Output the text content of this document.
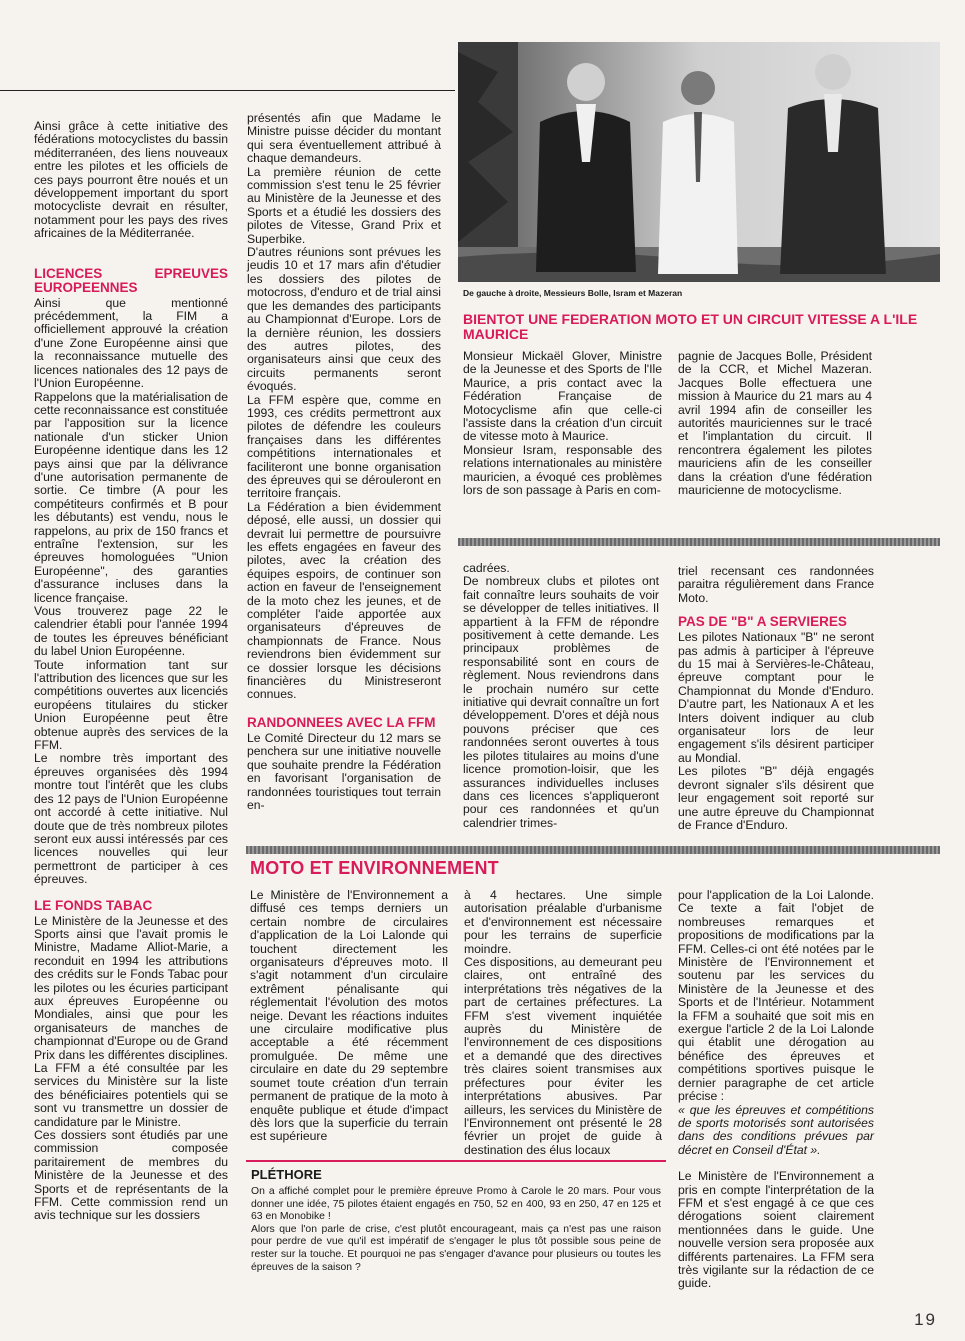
De gauche à droite, Messieurs Bolle, Isram et Mazeran

Ainsi grâce à cette initiative des fédérations motocyclistes du bassin méditerranéen, des liens nouveaux entre les pilotes et les officiels de ces pays pourront être noués et un développement important du sport motocycliste devrait en résulter, notamment pour les pays des rives africaines de la Méditerranée.

LICENCES EPREUVES EUROPEENNES

Ainsi que mentionné précédemment, la FIM a officiellement approuvé la création d'une Zone Européenne ainsi que la reconnaissance mutuelle des licences nationales des 12 pays de l'Union Européenne.

Rappelons que la matérialisation de cette reconnaissance est constituée par l'apposition sur la licence nationale d'un sticker Union Européenne identique dans les 12 pays ainsi que par la délivrance d'une autorisation permanente de sortie. Ce timbre (A pour les compétiteurs confirmés et B pour les débutants) est vendu, nous le rappelons, au prix de 150 francs et entraîne l'extension, sur les épreuves homologuées "Union Européenne", des garanties d'assurance incluses dans la licence française.

Vous trouverez page 22 le calendrier établi pour l'année 1994 de toutes les épreuves bénéficiant du label Union Européenne.

Toute information tant sur l'attribution des licences que sur les compétitions ouvertes aux licenciés européens titulaires du sticker Union Européenne peut être obtenue auprès des services de la FFM.

Le nombre très important des épreuves organisées dès 1994 montre tout l'intérêt que les clubs des 12 pays de l'Union Européenne ont accordé à cette initiative. Nul doute que de très nombreux pilotes seront eux aussi intéressés par ces licences nouvelles qui leur permettront de participer à ces épreuves.

LE FONDS TABAC

Le Ministère de la Jeunesse et des Sports ainsi que l'avait promis le Ministre, Madame Alliot-Marie, a reconduit en 1994 les attributions des crédits sur le Fonds Tabac pour les pilotes ou les écuries participant aux épreuves Européenne ou Mondiales, ainsi que pour les organisateurs de manches de championnat d'Europe ou de Grand Prix dans les différentes disciplines. La FFM a été consultée par les services du Ministère sur la liste des bénéficiaires potentiels qui se sont vu transmettre un dossier de candidature par le Ministre.

Ces dossiers sont étudiés par une commission composée paritairement de membres du Ministère de la Jeunesse et des Sports et de représentants de la FFM. Cette commission rend un avis technique sur les dossiers

présentés afin que Madame le Ministre puisse décider du montant qui sera éventuellement attribué à chaque demandeurs.

La première réunion de cette commission s'est tenu le 25 février au Ministère de la Jeunesse et des Sports et a étudié les dossiers des pilotes de Vitesse, Grand Prix et Superbike.

D'autres réunions sont prévues les jeudis 10 et 17 mars afin d'étudier les dossiers des pilotes de motocross, d'enduro et de trial ainsi que les demandes des participants au Championnat d'Europe. Lors de la dernière réunion, les dossiers des autres pilotes, des organisateurs ainsi que ceux des circuits permanents seront évoqués.

La FFM espère que, comme en 1993, ces crédits permettront aux pilotes de défendre les couleurs françaises dans les différentes compétitions internationales et faciliteront une bonne organisation des épreuves qui se dérouleront en territoire français.

La Fédération a bien évidemment déposé, elle aussi, un dossier qui devrait lui permettre de poursuivre les effets engagées en faveur des pilotes, avec la création des équipes espoirs, de continuer son action en faveur de l'enseignement de la moto chez les jeunes, et de compléter l'aide apportée aux organisateurs d'épreuves de championnats de France. Nous reviendrons bien évidemment sur ce dossier lorsque les décisions financières du Ministreseront connues.

RANDONNEES AVEC LA FFM

Le Comité Directeur du 12 mars se penchera sur une initiative nouvelle que souhaite prendre la Fédération en favorisant l'organisation de randonnées touristiques tout terrain en-

BIENTOT UNE FEDERATION MOTO ET UN CIRCUIT VITESSE A L'ILE MAURICE

Monsieur Mickaël Glover, Ministre de la Jeunesse et des Sports de l'Ile Maurice, a pris contact avec la Fédération Française de Motocyclisme afin que celle-ci l'assiste dans la création d'un circuit de vitesse moto à Maurice.

Monsieur Isram, responsable des relations internationales au ministère mauricien, a évoqué ces problèmes lors de son passage à Paris en com-

pagnie de Jacques Bolle, Président de la CCR, et Michel Mazeran. Jacques Bolle effectuera une mission à Maurice du 21 mars au 4 avril 1994 afin de conseiller les autorités mauriciennes sur le tracé et l'implantation du circuit. Il rencontrera également les pilotes mauriciens afin de les conseiller dans la création d'une fédération mauricienne de motocyclisme.

cadrées.

De nombreux clubs et pilotes ont fait connaître leurs souhaits de voir se développer de telles initiatives. Il appartient à la FFM de répondre positivement à cette demande. Les principaux problèmes de responsabilité sont en cours de règlement. Nous reviendrons dans le prochain numéro sur cette initiative qui devrait connaître un fort développement. D'ores et déjà nous pouvons préciser que ces randonnées seront ouvertes à tous les pilotes titulaires au moins d'une licence promotion-loisir, que les assurances individuelles incluses dans ces licences s'appliqueront pour ces randonnées et qu'un calendrier trimes-

triel recensant ces randonnées paraitra régulièrement dans France Moto.

PAS DE "B" A SERVIERES

Les pilotes Nationaux "B" ne seront pas admis à participer à l'épreuve du 15 mai à Servières-le-Château, épreuve comptant pour le Championnat du Monde d'Enduro. D'autre part, les Nationaux A et les Inters doivent indiquer au club organisateur lors de leur engagement s'ils désirent participer au Mondial.

Les pilotes "B" déjà engagés devront signaler s'ils désirent que leur engagement soit reporté sur une autre épreuve du Championnat de France d'Enduro.

MOTO ET ENVIRONNEMENT

Le Ministère de l'Environnement a diffusé ces temps derniers un certain nombre de circulaires d'application de la Loi Lalonde qui touchent directement les organisateurs d'épreuves moto. Il s'agit notamment d'un circulaire extrêment pénalisante qui réglementait l'évolution des motos neige. Devant les réactions induites une circulaire modificative plus acceptable a été récemment promulguée. De même une circulaire en date du 29 septembre soumet toute création d'un terrain permanent de pratique de la moto à enquête publique et étude d'impact dès lors que la superficie du terrain est supérieure

à 4 hectares. Une simple autorisation préalable d'urbanisme et d'environnement est nécessaire pour les terrains de superficie moindre.

Ces dispositions, au demeurant peu claires, ont entraîné des interprétations très négatives de la part de certaines préfectures. La FFM s'est vivement inquiétée auprès du Ministère de l'environnement de ces dispositions et a demandé que des directives très claires soient transmises aux préfectures pour éviter les interprétations abusives. Par ailleurs, les services du Ministère de l'Environnement ont présenté le 28 février un projet de guide à destination des élus locaux

pour l'application de la Loi Lalonde. Ce texte a fait l'objet de nombreuses remarques et propositions de modifications par la FFM. Celles-ci ont été notées par le Ministère de l'Environnement et soutenu par les services du Ministère de la Jeunesse et des Sports et de l'Intérieur. Notamment la FFM a souhaité que soit mis en exergue l'article 2 de la Loi Lalonde qui établit une dérogation au bénéfice des épreuves et compétitions sportives puisque le dernier paragraphe de cet article précise :

« que les épreuves et compétitions de sports motorisés sont autorisées dans des conditions prévues par décret en Conseil d'État ».

Le Ministère de l'Environnement a pris en compte l'interprétation de la FFM et s'est engagé à ce que ces dérogations soient clairement mentionnées dans le guide. Une nouvelle version sera proposée aux différents partenaires. La FFM sera très vigilante sur la rédaction de ce guide.

PLÉTHORE

On a affiché complet pour le première épreuve Promo à Carole le 20 mars. Pour vous donner une idée, 75 pilotes étaient engagés en 750, 52 en 400, 93 en 250, 47 en 125 et 63 en Monobike !

Alors que l'on parle de crise, c'est plutôt encourageant, mais ça n'est pas une raison pour perdre de vue qu'il est impératif de s'engager le plus tôt possible sous peine de rester sur la touche. Et pourquoi ne pas s'engager d'avance pour plusieurs ou toutes les épreuves de la saison ?

19
